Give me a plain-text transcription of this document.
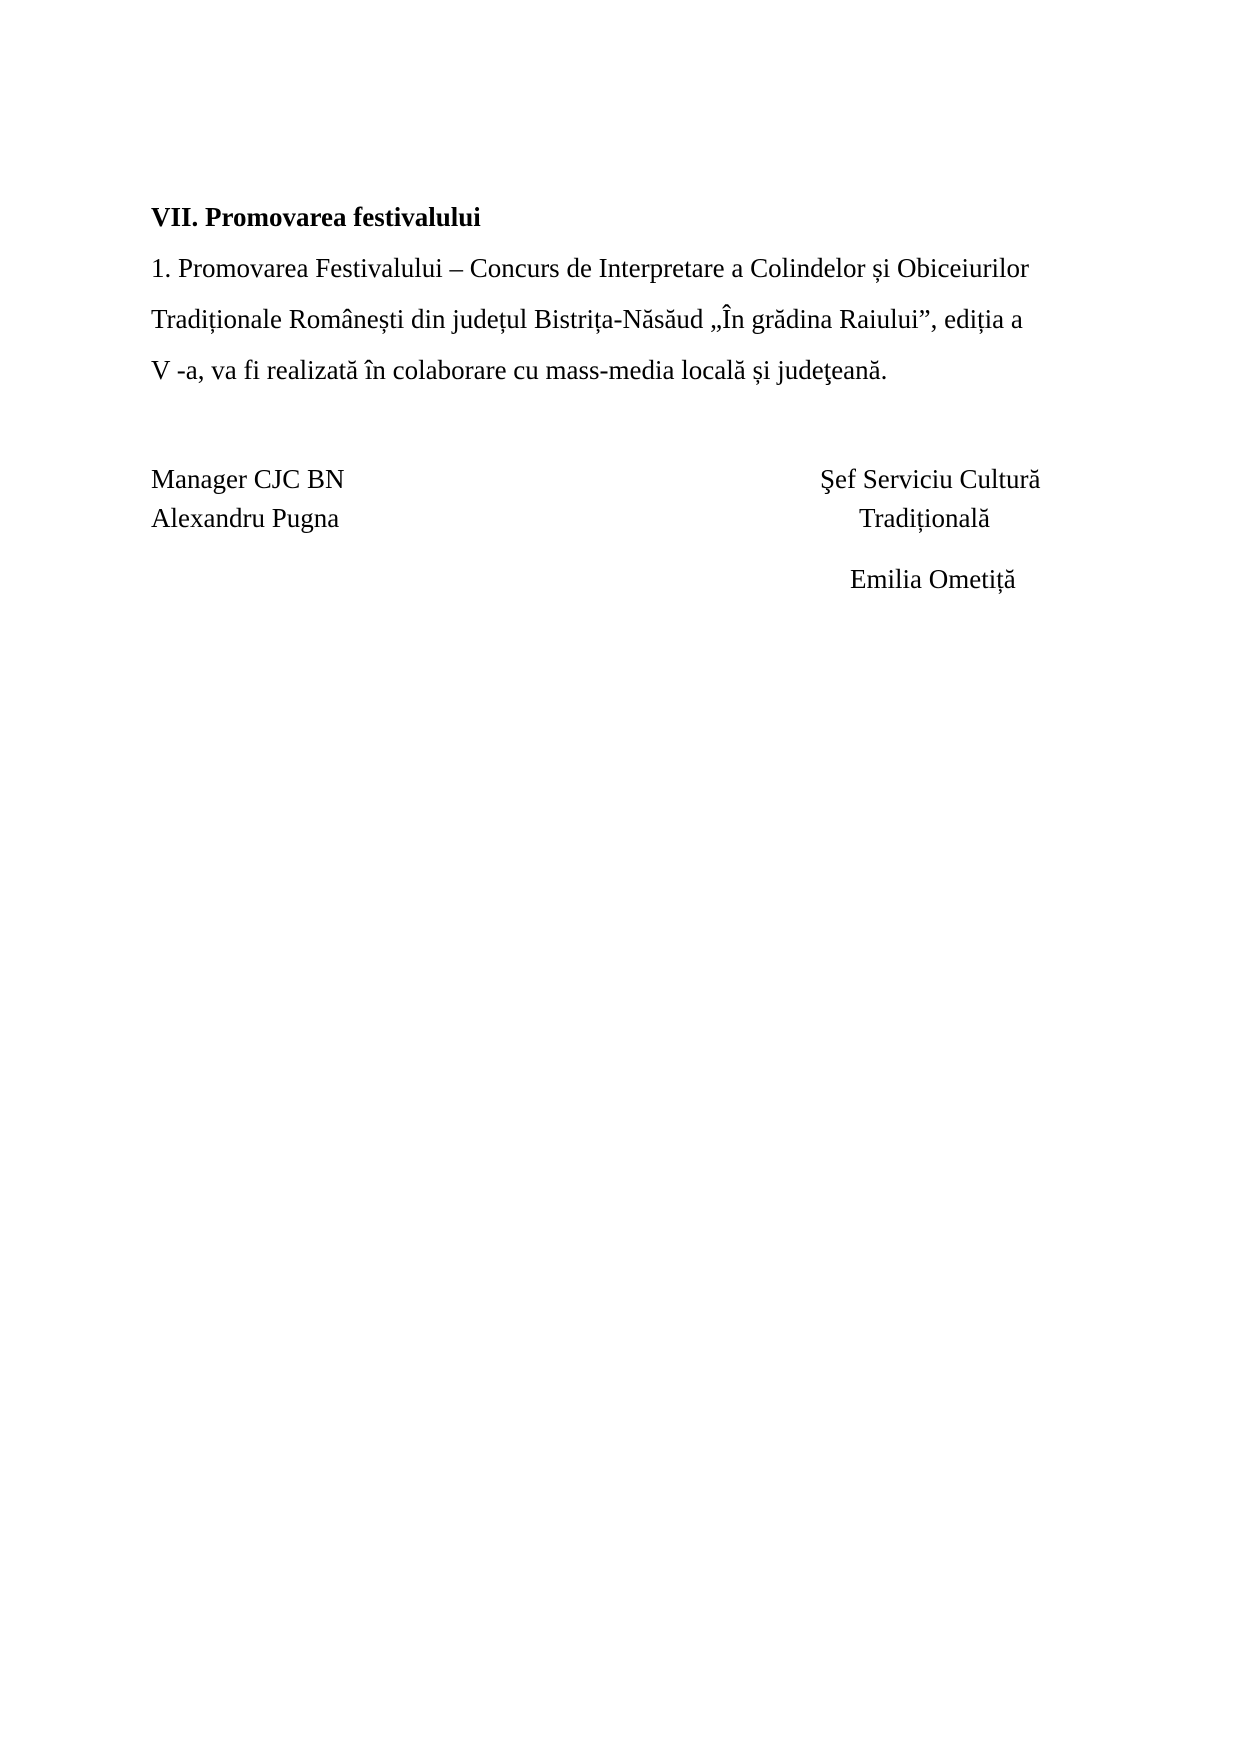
VII. Promovarea festivalului
1. Promovarea Festivalului – Concurs de Interpretare a Colindelor și Obiceiurilor
Tradiționale Românești din județul Bistrița-Năsăud „În grădina Raiului”, ediția a
V -a, va fi realizată în colaborare cu mass-media locală și judeţeană.
Manager CJC BN
Alexandru Pugna
Şef Serviciu Cultură
Tradițională
Emilia Ometiță
